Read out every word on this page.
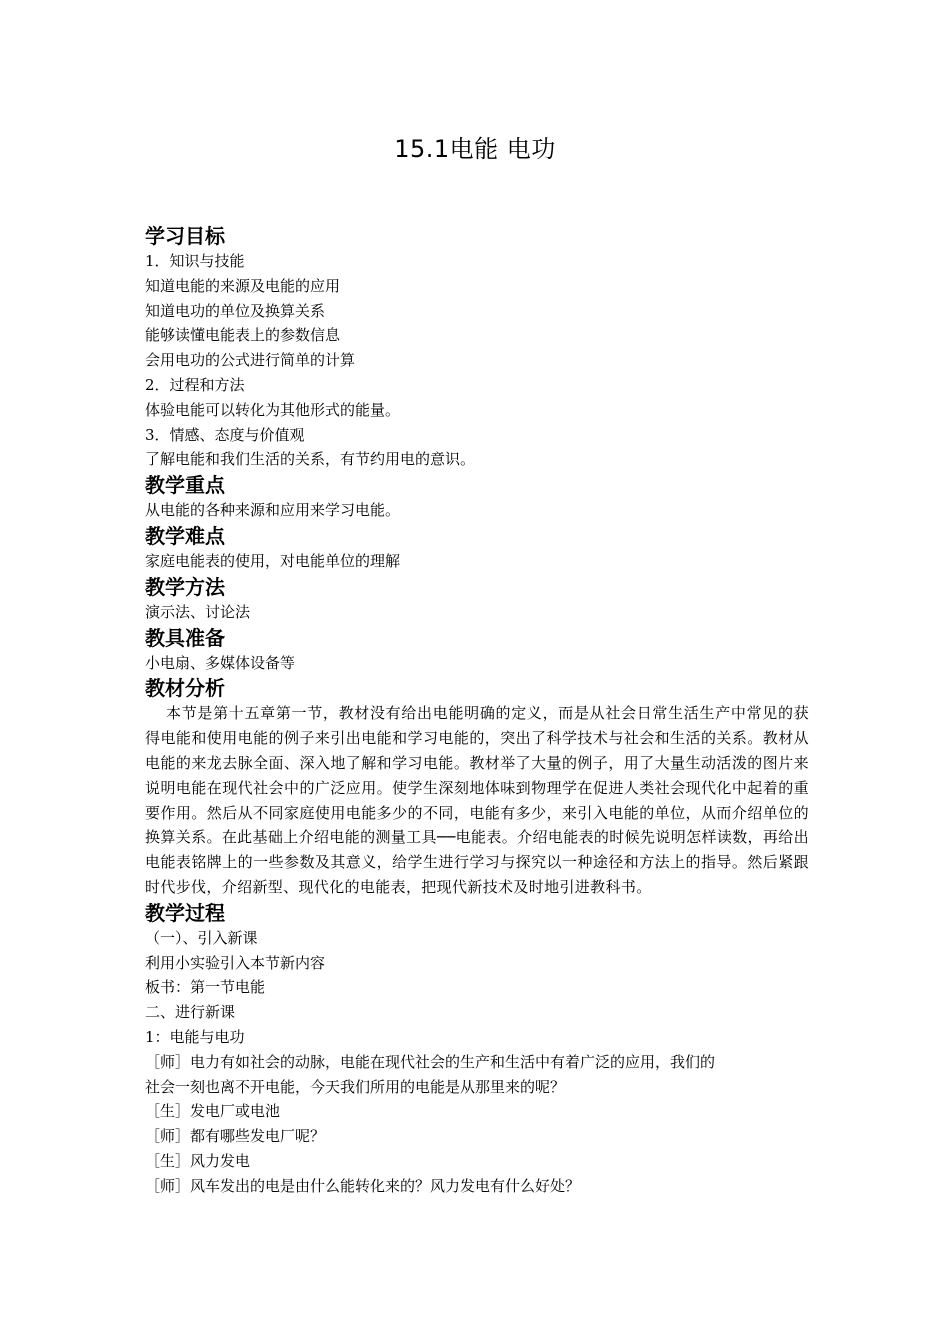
15.1电能 电功
学习目标
1．知识与技能
知道电能的来源及电能的应用
知道电功的单位及换算关系
能够读懂电能表上的参数信息
会用电功的公式进行简单的计算
2．过程和方法
体验电能可以转化为其他形式的能量。
3．情感、态度与价值观
了解电能和我们生活的关系，有节约用电的意识。
教学重点
从电能的各种来源和应用来学习电能。
教学难点
家庭电能表的使用，对电能单位的理解
教学方法
演示法、讨论法
教具准备
小电扇、多媒体设备等
教材分析
本节是第十五章第一节，教材没有给出电能明确的定义，而是从社会日常生活生产中常见的获得电能和使用电能的例子来引出电能和学习电能的，突出了科学技术与社会和生活的关系。教材从电能的来龙去脉全面、深入地了解和学习电能。教材举了大量的例子，用了大量生动活泼的图片来说明电能在现代社会中的广泛应用。使学生深刻地体味到物理学在促进人类社会现代化中起着的重要作用。然后从不同家庭使用电能多少的不同，电能有多少，来引入电能的单位，从而介绍单位的换算关系。在此基础上介绍电能的测量工具──电能表。介绍电能表的时候先说明怎样读数，再给出电能表铭牌上的一些参数及其意义，给学生进行学习与探究以一种途径和方法上的指导。然后紧跟时代步伐，介绍新型、现代化的电能表，把现代新技术及时地引进教科书。
教学过程
（一）、引入新课
利用小实验引入本节新内容
板书：第一节电能
二、进行新课
1：电能与电功
［师］电力有如社会的动脉，电能在现代社会的生产和生活中有着广泛的应用，我们的
社会一刻也离不开电能，今天我们所用的电能是从那里来的呢？
［生］发电厂或电池
［师］都有哪些发电厂呢？
［生］风力发电
［师］风车发出的电是由什么能转化来的？风力发电有什么好处？
